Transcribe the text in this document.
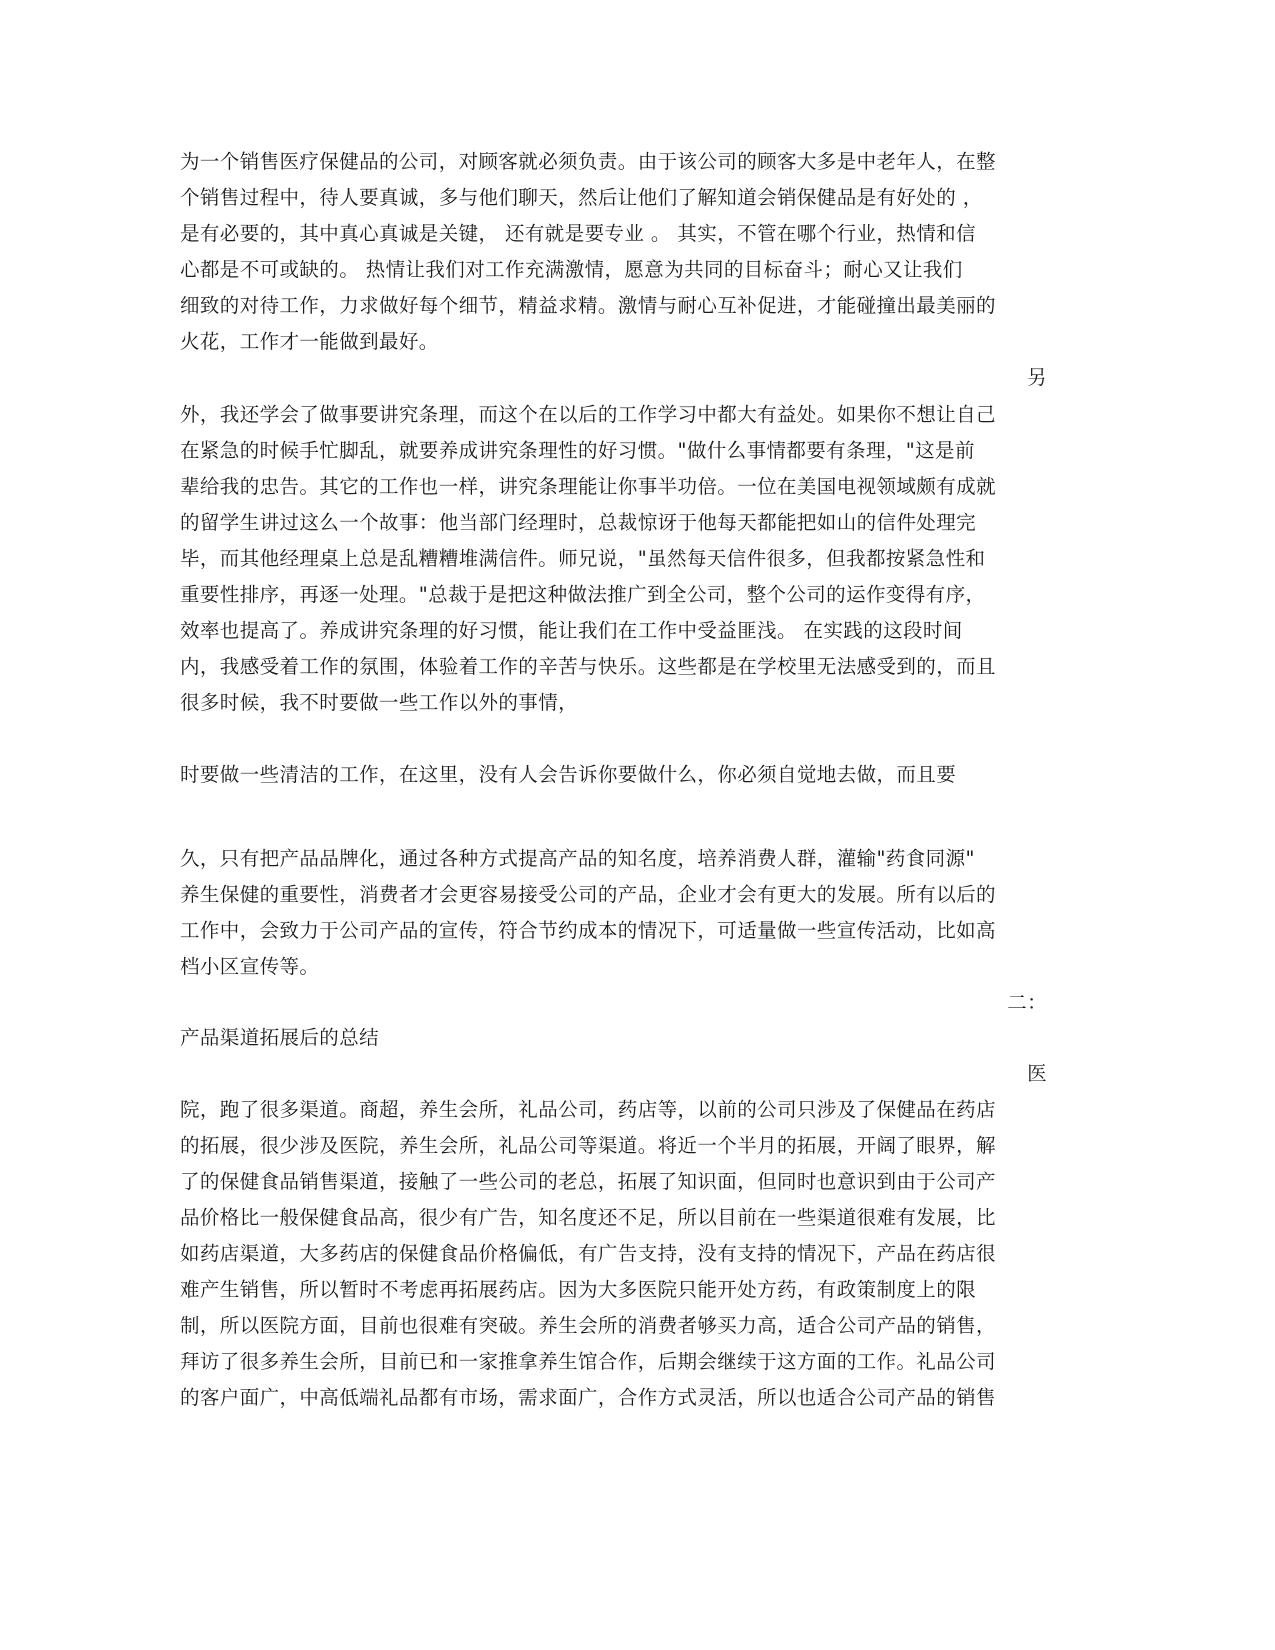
为一个销售医疗保健品的公司，对顾客就必须负责。由于该公司的顾客大多是中老年人，在整
个销售过程中，待人要真诚，多与他们聊天，然后让他们了解知道会销保健品是有好处的 ，
是有必要的，其中真心真诚是关键， 还有就是要专业 。 其实，不管在哪个行业，热情和信
心都是不可或缺的。 热情让我们对工作充满激情，愿意为共同的目标奋斗；耐心又让我们
细致的对待工作，力求做好每个细节，精益求精。激情与耐心互补促进，才能碰撞出最美丽的
火花，工作才一能做到最好。
另
外，我还学会了做事要讲究条理，而这个在以后的工作学习中都大有益处。如果你不想让自己
在紧急的时候手忙脚乱，就要养成讲究条理性的好习惯。"做什么事情都要有条理，"这是前
辈给我的忠告。其它的工作也一样，讲究条理能让你事半功倍。一位在美国电视领域颇有成就
的留学生讲过这么一个故事：他当部门经理时，总裁惊讶于他每天都能把如山的信件处理完
毕，而其他经理桌上总是乱糟糟堆满信件。师兄说，"虽然每天信件很多，但我都按紧急性和
重要性排序，再逐一处理。"总裁于是把这种做法推广到全公司，整个公司的运作变得有序，
效率也提高了。养成讲究条理的好习惯，能让我们在工作中受益匪浅。 在实践的这段时间
内，我感受着工作的氛围，体验着工作的辛苦与快乐。这些都是在学校里无法感受到的，而且
很多时候，我不时要做一些工作以外的事情，
时要做一些清洁的工作，在这里，没有人会告诉你要做什么，你必须自觉地去做，而且要
久，只有把产品品牌化，通过各种方式提高产品的知名度，培养消费人群，灌输"药食同源"
养生保健的重要性，消费者才会更容易接受公司的产品，企业才会有更大的发展。所有以后的
工作中，会致力于公司产品的宣传，符合节约成本的情况下，可适量做一些宣传活动，比如高
档小区宣传等。
二：
产品渠道拓展后的总结
医
院，跑了很多渠道。商超，养生会所，礼品公司，药店等，以前的公司只涉及了保健品在药店
的拓展，很少涉及医院，养生会所，礼品公司等渠道。将近一个半月的拓展，开阔了眼界，解
了的保健食品销售渠道，接触了一些公司的老总，拓展了知识面，但同时也意识到由于公司产
品价格比一般保健食品高，很少有广告，知名度还不足，所以目前在一些渠道很难有发展，比
如药店渠道，大多药店的保健食品价格偏低，有广告支持，没有支持的情况下，产品在药店很
难产生销售，所以暂时不考虑再拓展药店。因为大多医院只能开处方药，有政策制度上的限
制，所以医院方面，目前也很难有突破。养生会所的消费者够买力高，适合公司产品的销售，
拜访了很多养生会所，目前已和一家推拿养生馆合作，后期会继续于这方面的工作。礼品公司
的客户面广，中高低端礼品都有市场，需求面广，合作方式灵活，所以也适合公司产品的销售
